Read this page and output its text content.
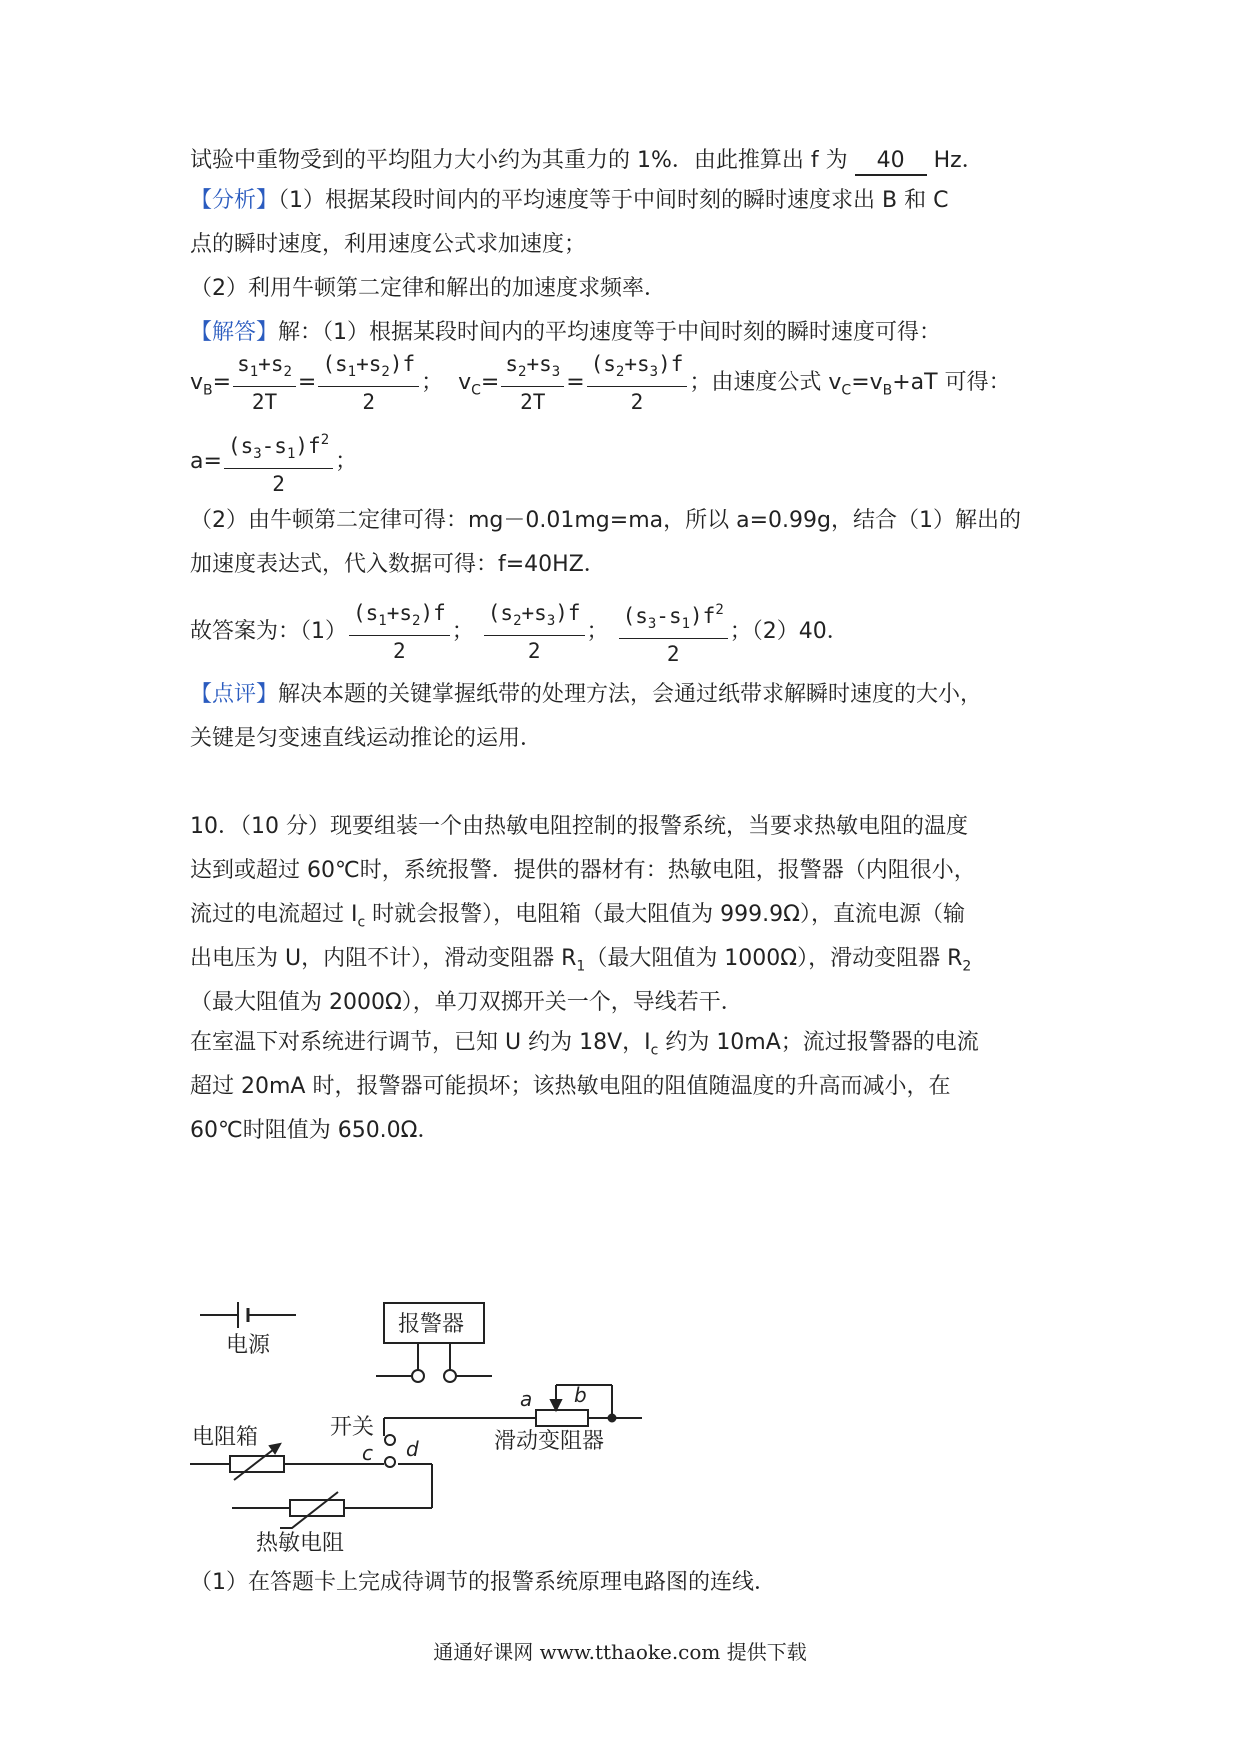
试验中重物受到的平均阻力大小约为其重力的 1%．由此推算出 f 为 40 Hz．
【分析】（1）根据某段时间内的平均速度等于中间时刻的瞬时速度求出 B 和 C
点的瞬时速度，利用速度公式求加速度；
（2）利用牛顿第二定律和解出的加速度求频率．
【解答】解：（1）根据某段时间内的平均速度等于中间时刻的瞬时速度可得：
$v_B= \frac{s_1+s_2}{2T} = \frac{(s_1+s_2)f}{2}$ ； $v_C= \frac{s_2+s_3}{2T} = \frac{(s_2+s_3)f}{2}$ ；由速度公式 $v_C=v_B+aT$ 可得：
$a= \frac{(s_3-s_1)f^2}{2}$ ；
（2）由牛顿第二定律可得：mg－0.01mg=ma，所以 a=0.99g，结合（1）解出的
加速度表达式，代入数据可得：f=40HZ．
故答案为：$(1) \frac{(s_1+s_2)f}{2}$ ； $\frac{(s_2+s_3)f}{2}$ ； $\frac{(s_3-s_1)f^2}{2}$ ；（2）40．
【点评】解决本题的关键掌握纸带的处理方法，会通过纸带求解瞬时速度的大小，
关键是匀变速直线运动推论的运用．
10．（10 分）现要组装一个由热敏电阻控制的报警系统，当要求热敏电阻的温度
达到或超过 60℃时，系统报警．提供的器材有：热敏电阻，报警器（内阻很小，
流过的电流超过 $I_c$ 时就会报警），电阻箱（最大阻值为 999.9Ω），直流电源（输
出电压为 U，内阻不计），滑动变阻器 $R_1$（最大阻值为 1000Ω），滑动变阻器 $R_2$
（最大阻值为 2000Ω），单刀双掷开关一个，导线若干．
在室温下对系统进行调节，已知 U 约为 18V，$I_c$ 约为 10mA；流过报警器的电流
超过 20mA 时，报警器可能损坏；该热敏电阻的阻值随温度的升高而减小，在
60℃时阻值为 650.0Ω．
电源
报警器
开关
电阻箱	滑动变阻器
热敏电阻
a b
c d
（1）在答题卡上完成待调节的报警系统原理电路图的连线．
通通好课网 www.tthaoke.com 提供下载
